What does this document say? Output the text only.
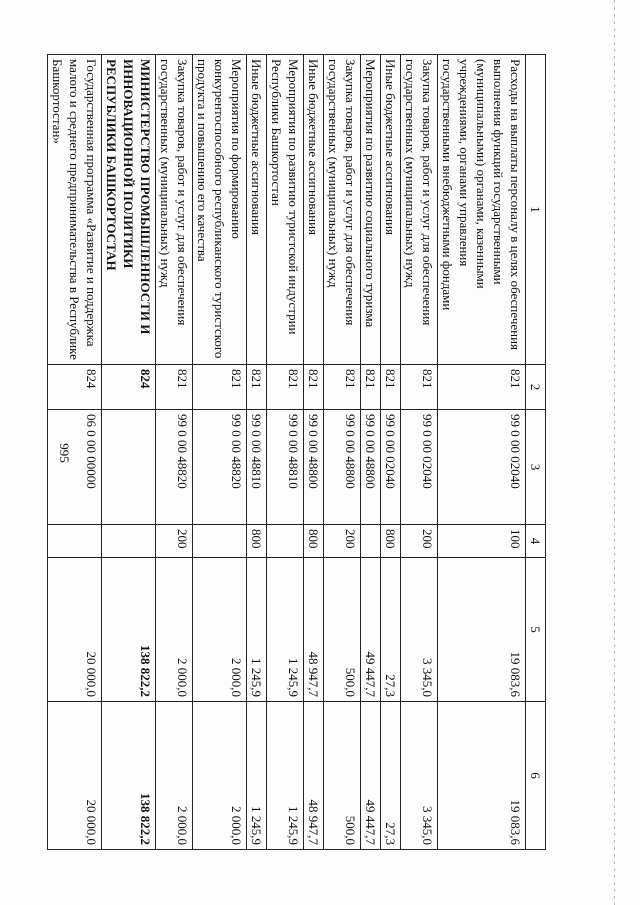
995
1	2	3	4	5	6
Расходы на выплаты персоналу в целях обеспечения выполнения функций государственными (муниципальными) органами, казенными учреждениями, органами управления государственными внебюджетными фондами	821	99 0 00 02040	100	19 083,6	19 083,6
Закупка товаров, работ и услуг для обеспечения государственных (муниципальных) нужд	821	99 0 00 02040	200	3 345,0	3 345,0
Иные бюджетные ассигнования	821	99 0 00 02040	800	27,3	27,3
Мероприятия по развитию социального туризма	821	99 0 00 48800		49 447,7	49 447,7
Закупка товаров, работ и услуг для обеспечения государственных (муниципальных) нужд	821	99 0 00 48800	200	500,0	500,0
Иные бюджетные ассигнования	821	99 0 00 48800	800	48 947,7	48 947,7
Мероприятия по развитию туристской индустрии Республики Башкортостан	821	99 0 00 48810		1 245,9	1 245,9
Иные бюджетные ассигнования	821	99 0 00 48810	800	1 245,9	1 245,9
Мероприятия по формированию конкурентоспособного республиканского туристского продукта и повышению его качества	821	99 0 00 48820		2 000,0	2 000,0
Закупка товаров, работ и услуг для обеспечения государственных (муниципальных) нужд	821	99 0 00 48820	200	2 000,0	2 000,0
МИНИСТЕРСТВО ПРОМЫШЛЕННОСТИ И ИННОВАЦИОННОЙ ПОЛИТИКИ РЕСПУБЛИКИ БАШКОРТОСТАН	824			138 822,2	138 822,2
Государственная программа «Развитие и поддержка малого и среднего предпринимательства в Республике Башкортостан»	824	06 0 00 00000		20 000,0	20 000,0
